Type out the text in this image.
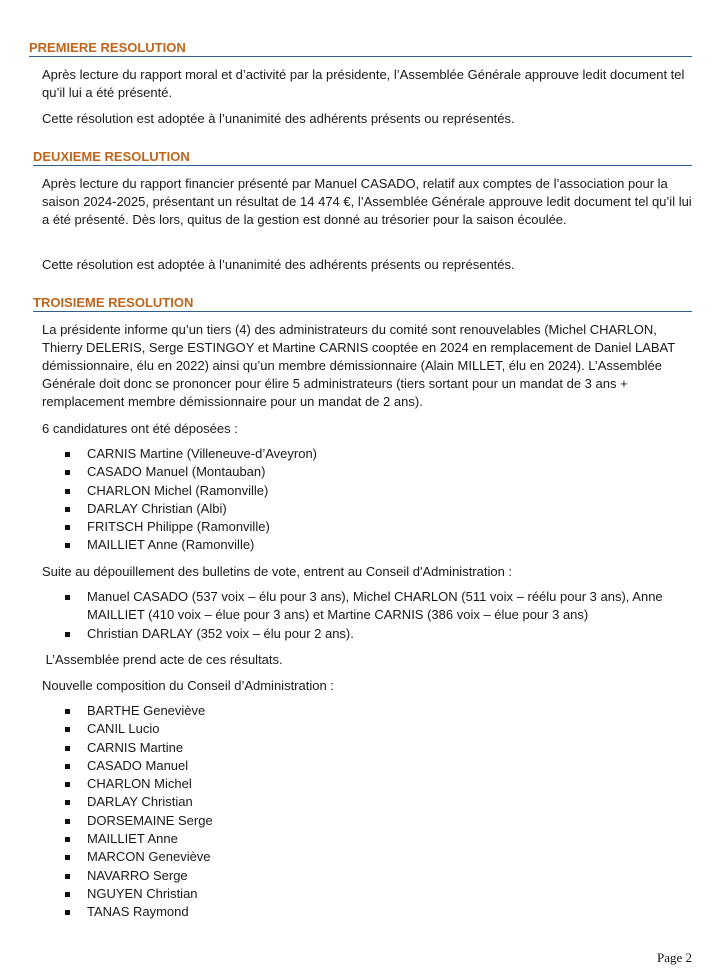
PREMIERE RESOLUTION

Après lecture du rapport moral et d’activité par la présidente, l’Assemblée Générale approuve ledit document tel qu’il lui a été présenté.

Cette résolution est adoptée à l’unanimité des adhérents présents ou représentés.

DEUXIEME RESOLUTION

Après lecture du rapport financier présenté par Manuel CASADO, relatif aux comptes de l’association pour la saison 2024-2025, présentant un résultat de 14 474 €, l’Assemblée Générale approuve ledit document tel qu’il lui a été présenté. Dès lors, quitus de la gestion est donné au trésorier pour la saison écoulée.

Cette résolution est adoptée à l’unanimité des adhérents présents ou représentés.

TROISIEME RESOLUTION

La présidente informe qu’un tiers (4) des administrateurs du comité sont renouvelables (Michel CHARLON, Thierry DELERIS, Serge ESTINGOY et Martine CARNIS cooptée en 2024 en remplacement de Daniel LABAT démissionnaire, élu en 2022) ainsi qu’un membre démissionnaire (Alain MILLET, élu en 2024). L’Assemblée Générale doit donc se prononcer pour élire 5 administrateurs (tiers sortant pour un mandat de 3 ans + remplacement membre démissionnaire pour un mandat de 2 ans).

6 candidatures ont été déposées :

CARNIS Martine (Villeneuve-d’Aveyron)
CASADO Manuel (Montauban)
CHARLON Michel (Ramonville)
DARLAY Christian (Albi)
FRITSCH Philippe (Ramonville)
MAILLIET Anne (Ramonville)

Suite au dépouillement des bulletins de vote, entrent au Conseil d'Administration :

Manuel CASADO (537 voix – élu pour 3 ans), Michel CHARLON (511 voix – réélu pour 3 ans), Anne MAILLIET (410 voix – élue pour 3 ans) et Martine CARNIS (386 voix – élue pour 3 ans)
Christian DARLAY (352 voix – élu pour 2 ans).

L’Assemblée prend acte de ces résultats.

Nouvelle composition du Conseil d’Administration :

BARTHE Geneviève
CANIL Lucio
CARNIS Martine
CASADO Manuel
CHARLON Michel
DARLAY Christian
DORSEMAINE Serge
MAILLIET Anne
MARCON Geneviève
NAVARRO Serge
NGUYEN Christian
TANAS Raymond
Page 2
